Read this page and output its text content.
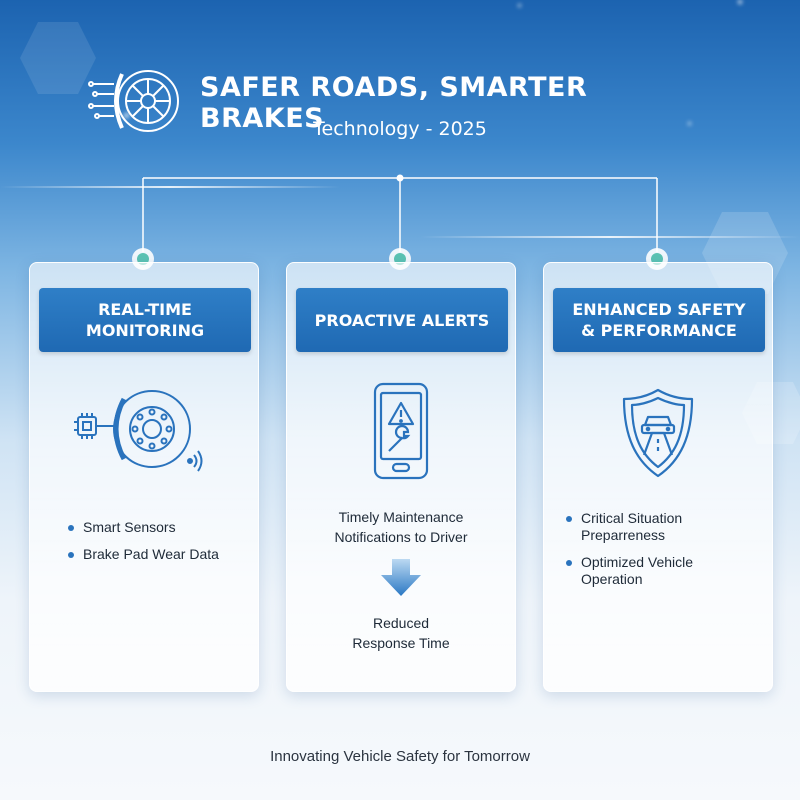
SAFER ROADS, SMARTER BRAKES
Technology - 2025
REAL-TIME MONITORING
Smart Sensors
Brake Pad Wear Data
PROACTIVE ALERTS
Timely Maintenance Notifications to Driver
Reduced Response Time
ENHANCED SAFETY & PERFORMANCE
Critical Situation Preparreness
Optimized Vehicle Operation
Innovating Vehicle Safety for Tomorrow
